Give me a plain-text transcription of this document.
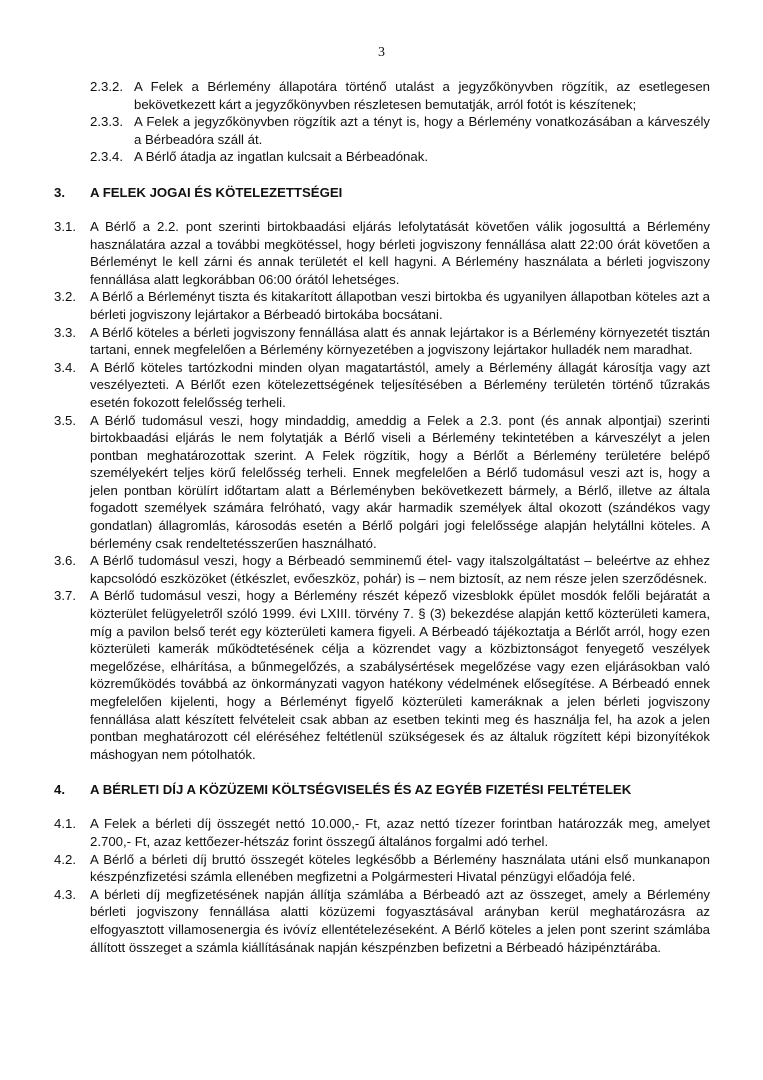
3
2.3.2. A Felek a Bérlemény állapotára történő utalást a jegyzőkönyvben rögzítik, az esetlegesen bekövetkezett kárt a jegyzőkönyvben részletesen bemutatják, arról fotót is készítenek;
2.3.3. A Felek a jegyzőkönyvben rögzítik azt a tényt is, hogy a Bérlemény vonatkozásában a kárveszély a Bérbeadóra száll át.
2.3.4. A Bérlő átadja az ingatlan kulcsait a Bérbeadónak.
3.	A FELEK JOGAI ÉS KÖTELEZETTSÉGEI
3.1.	A Bérlő a 2.2. pont szerinti birtokbaadási eljárás lefolytatását követően válik jogosulttá a Bérlemény használatára azzal a további megkötéssel, hogy bérleti jogviszony fennállása alatt 22:00 órát követően a Bérleményt le kell zárni és annak területét el kell hagyni. A Bérlemény használata a bérleti jogviszony fennállása alatt legkorábban 06:00 órától lehetséges.
3.2.	A Bérlő a Bérleményt tiszta és kitakarított állapotban veszi birtokba és ugyanilyen állapotban köteles azt a bérleti jogviszony lejártakor a Bérbeadó birtokába bocsátani.
3.3.	A Bérlő köteles a bérleti jogviszony fennállása alatt és annak lejártakor is a Bérlemény környezetét tisztán tartani, ennek megfelelően a Bérlemény környezetében a jogviszony lejártakor hulladék nem maradhat.
3.4.	A Bérlő köteles tartózkodni minden olyan magatartástól, amely a Bérlemény állagát károsítja vagy azt veszélyezteti. A Bérlőt ezen kötelezettségének teljesítésében a Bérlemény területén történő tűzrakás esetén fokozott felelősség terheli.
3.5.	A Bérlő tudomásul veszi, hogy mindaddig, ameddig a Felek a 2.3. pont (és annak alpontjai) szerinti birtokbaadási eljárás le nem folytatják a Bérlő viseli a Bérlemény tekintetében a kárveszélyt a jelen pontban meghatározottak szerint. A Felek rögzítik, hogy a Bérlőt a Bérlemény területére belépő személyekért teljes körű felelősség terheli. Ennek megfelelően a Bérlő tudomásul veszi azt is, hogy a jelen pontban körülírt időtartam alatt a Bérleményben bekövetkezett bármely, a Bérlő, illetve az általa fogadott személyek számára felróható, vagy akár harmadik személyek által okozott (szándékos vagy gondatlan) állagromlás, károsodás esetén a Bérlő polgári jogi felelőssége alapján helytállni köteles. A bérlemény csak rendeltetésszerűen használható.
3.6.	A Bérlő tudomásul veszi, hogy a Bérbeadó semminemű étel- vagy italszolgáltatást – beleértve az ehhez kapcsolódó eszközöket (étkészlet, evőeszköz, pohár) is – nem biztosít, az nem része jelen szerződésnek.
3.7.	A Bérlő tudomásul veszi, hogy a Bérlemény részét képező vizesblokk épület mosdók felőli bejáratát a közterület felügyeletről szóló 1999. évi LXIII. törvény 7. § (3) bekezdése alapján kettő közterületi kamera, míg a pavilon belső terét egy közterületi kamera figyeli. A Bérbeadó tájékoztatja a Bérlőt arról, hogy ezen közterületi kamerák működtetésének célja a közrendet vagy a közbiztonságot fenyegető veszélyek megelőzése, elhárítása, a bűnmegelőzés, a szabálysértések megelőzése vagy ezen eljárásokban való közreműködés továbbá az önkormányzati vagyon hatékony védelmének elősegítése. A Bérbeadó ennek megfelelően kijelenti, hogy a Bérleményt figyelő közterületi kameráknak a jelen bérleti jogviszony fennállása alatt készített felvételeit csak abban az esetben tekinti meg és használja fel, ha azok a jelen pontban meghatározott cél eléréséhez feltétlenül szükségesek és az általuk rögzített képi bizonyítékok máshogyan nem pótolhatók.
4.	A BÉRLETI DÍJ A KÖZÜZEMI KÖLTSÉGVISELÉS ÉS AZ EGYÉB FIZETÉSI FELTÉTELEK
4.1.	A Felek a bérleti díj összegét nettó 10.000,- Ft, azaz nettó tízezer forintban határozzák meg, amelyet 2.700,- Ft, azaz kettőezer-hétszáz forint összegű általános forgalmi adó terhel.
4.2.	A Bérlő a bérleti díj bruttó összegét köteles legkésőbb a Bérlemény használata utáni első munkanapon készpénzfizetési számla ellenében megfizetni a Polgármesteri Hivatal pénzügyi előadója felé.
4.3.	A bérleti díj megfizetésének napján állítja számlába a Bérbeadó azt az összeget, amely a Bérlemény bérleti jogviszony fennállása alatti közüzemi fogyasztásával arányban kerül meghatározásra az elfogyasztott villamosenergia és ivóvíz ellentételezéseként. A Bérlő köteles a jelen pont szerint számlába állított összeget a számla kiállításának napján készpénzben befizetni a Bérbeadó házipénztárába.
